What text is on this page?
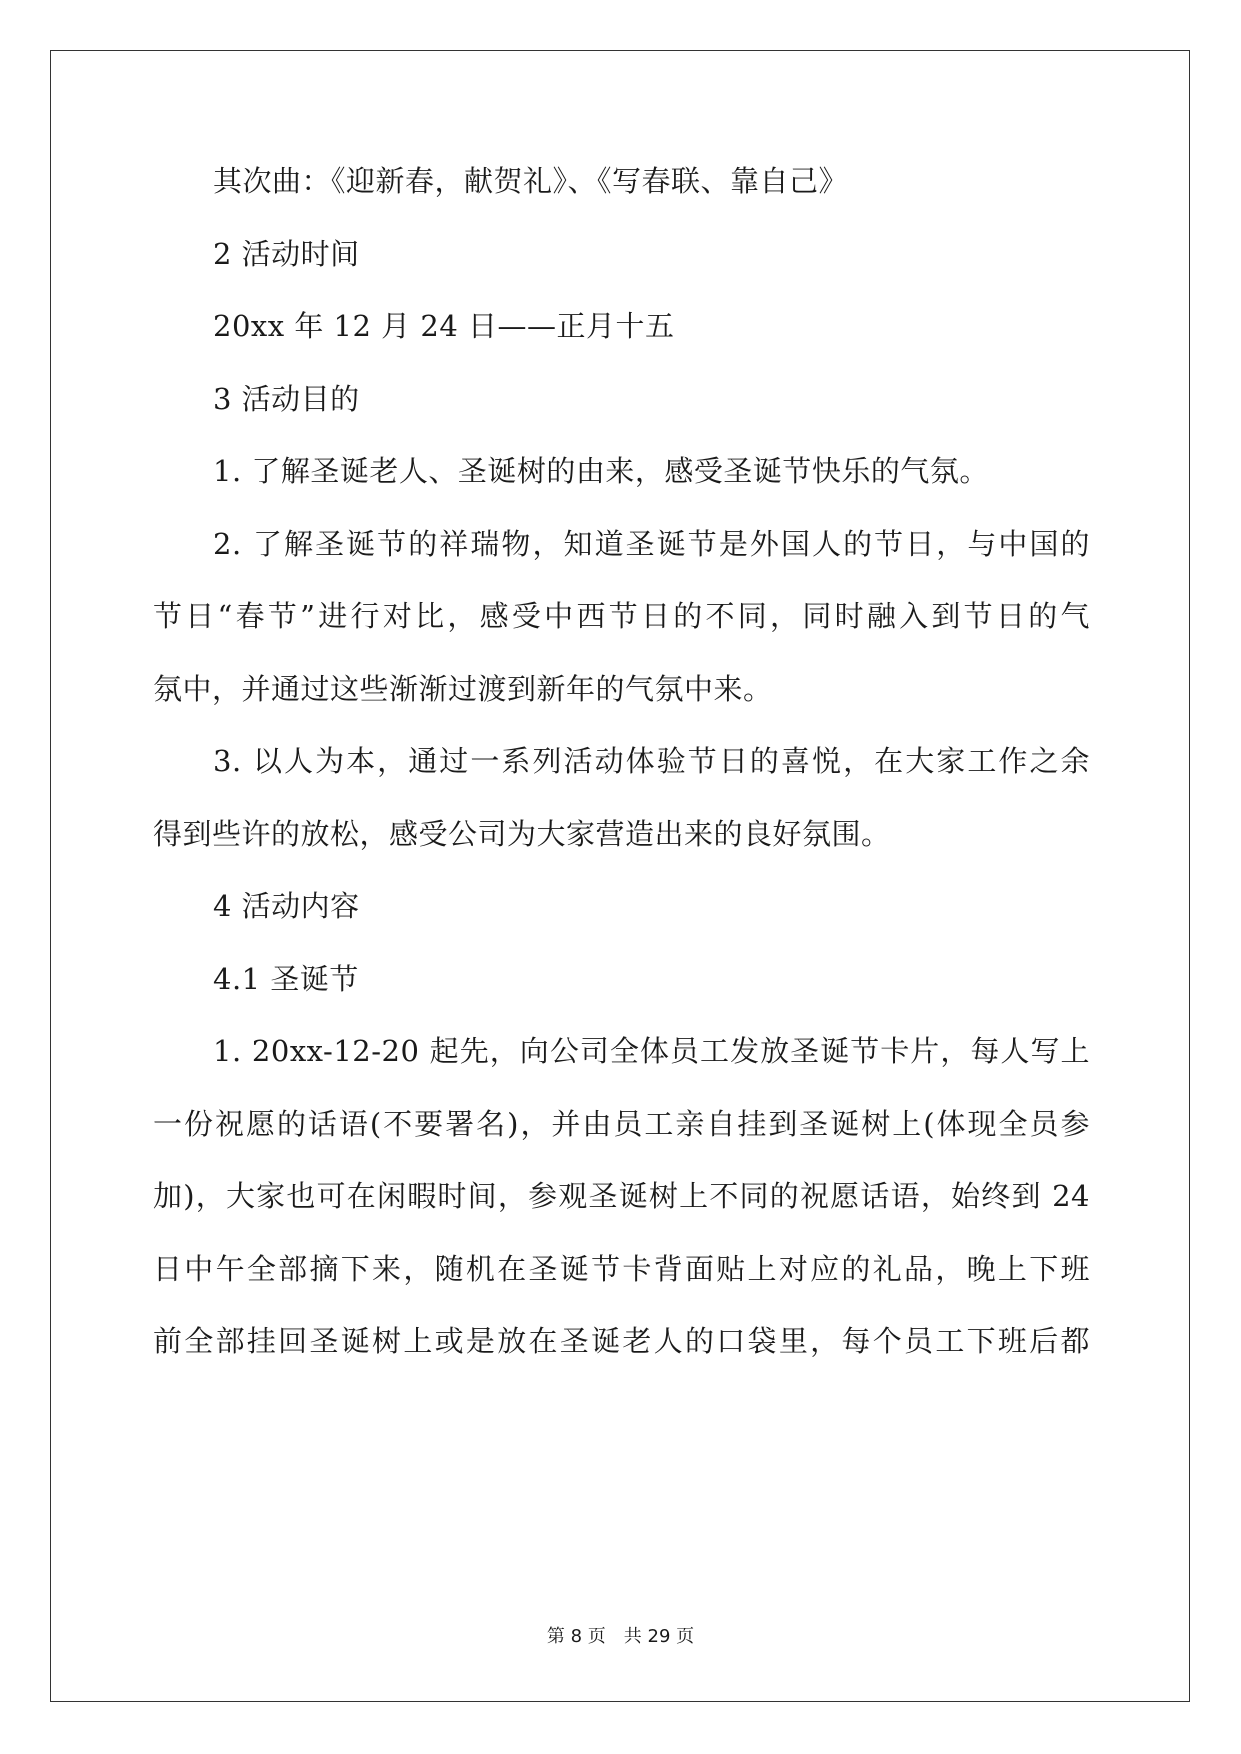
其次曲：《迎新春，献贺礼》、《写春联、靠自己》
2 活动时间
20xx 年 12 月 24 日——正月十五
3 活动目的
1. 了解圣诞老人、圣诞树的由来，感受圣诞节快乐的气氛。
2. 了解圣诞节的祥瑞物，知道圣诞节是外国人的节日，与中国的
节日“春节”进行对比，感受中西节日的不同，同时融入到节日的气
氛中，并通过这些渐渐过渡到新年的气氛中来。
3. 以人为本，通过一系列活动体验节日的喜悦，在大家工作之余
得到些许的放松，感受公司为大家营造出来的良好氛围。
4 活动内容
4.1 圣诞节
1. 20xx-12-20 起先，向公司全体员工发放圣诞节卡片，每人写上
一份祝愿的话语(不要署名)，并由员工亲自挂到圣诞树上(体现全员参
加)，大家也可在闲暇时间，参观圣诞树上不同的祝愿话语，始终到 24
日中午全部摘下来，随机在圣诞节卡背面贴上对应的礼品，晚上下班
前全部挂回圣诞树上或是放在圣诞老人的口袋里，每个员工下班后都
第 8 页　共 29 页
